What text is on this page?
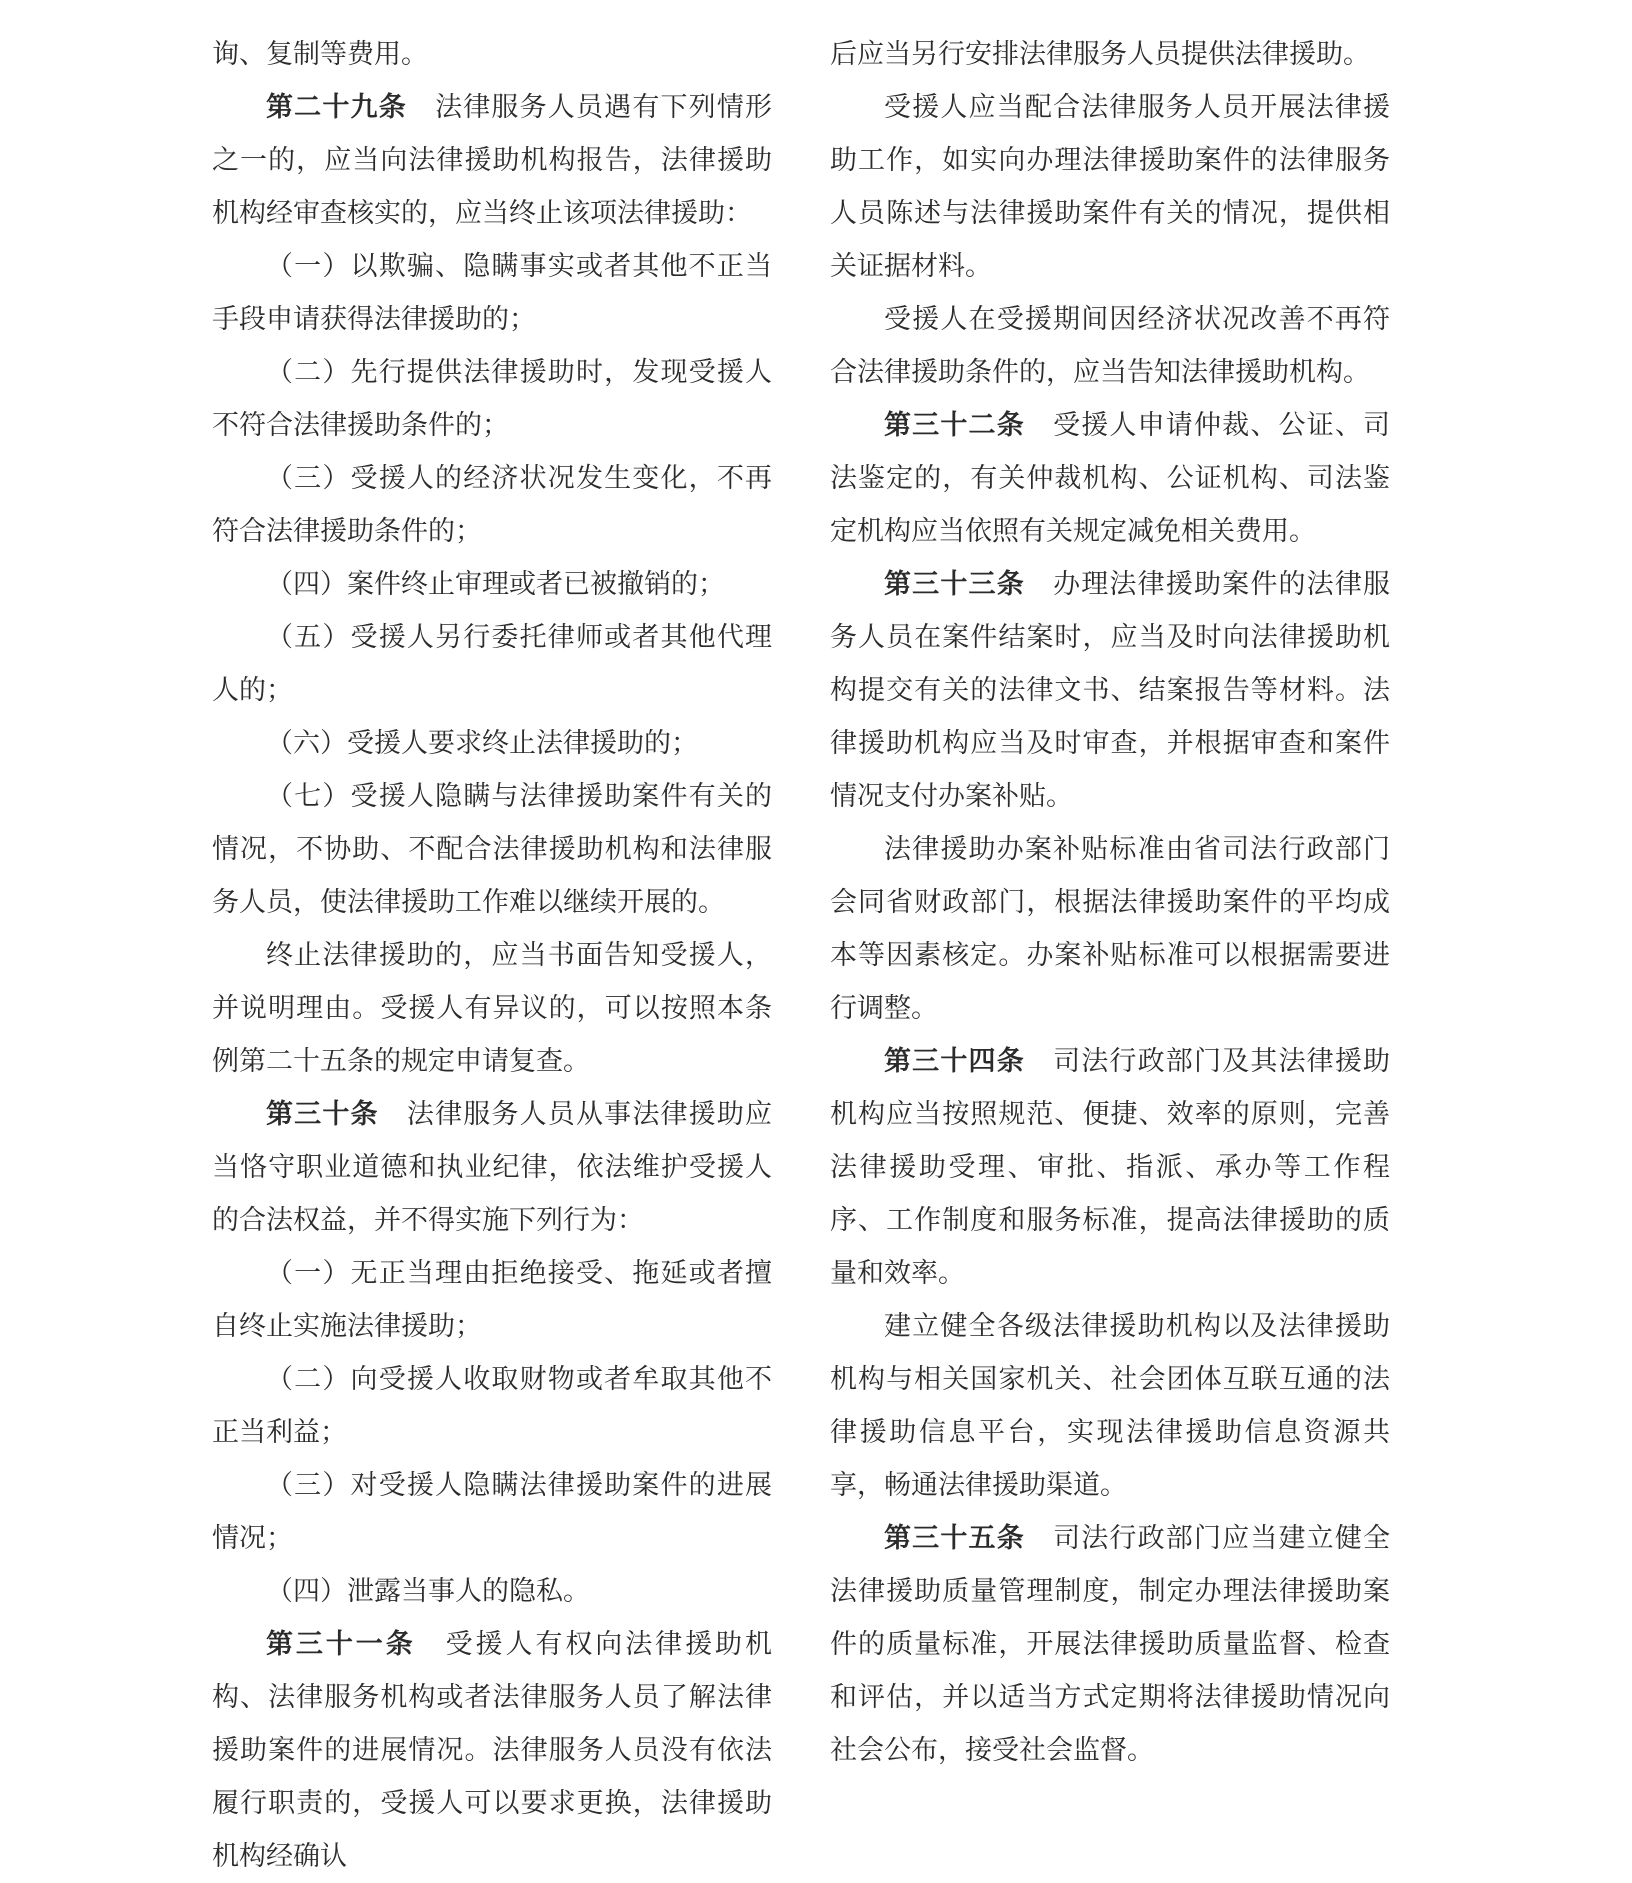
询、复制等费用。

第二十九条　 法律服务人员遇有下列情形之一的，应当向法律援助机构报告，法律援助机构经审查核实的，应当终止该项法律援助：

（一）以欺骗、隐瞒事实或者其他不正当手段申请获得法律援助的；

（二）先行提供法律援助时，发现受援人不符合法律援助条件的；

（三）受援人的经济状况发生变化，不再符合法律援助条件的；

（四）案件终止审理或者已被撤销的；

（五）受援人另行委托律师或者其他代理人的；

（六）受援人要求终止法律援助的；

（七）受援人隐瞒与法律援助案件有关的情况，不协助、不配合法律援助机构和法律服务人员，使法律援助工作难以继续开展的。

终止法律援助的，应当书面告知受援人，并说明理由。受援人有异议的，可以按照本条例第二十五条的规定申请复查。

第三十条　 法律服务人员从事法律援助应当恪守职业道德和执业纪律，依法维护受援人的合法权益，并不得实施下列行为：

（一）无正当理由拒绝接受、拖延或者擅自终止实施法律援助；

（二）向受援人收取财物或者牟取其他不正当利益；

（三）对受援人隐瞒法律援助案件的进展情况；

（四）泄露当事人的隐私。

第三十一条　 受援人有权向法律援助机构、法律服务机构或者法律服务人员了解法律援助案件的进展情况。法律服务人员没有依法履行职责的，受援人可以要求更换，法律援助机构经确认

后应当另行安排法律服务人员提供法律援助。

受援人应当配合法律服务人员开展法律援助工作，如实向办理法律援助案件的法律服务人员陈述与法律援助案件有关的情况，提供相关证据材料。

受援人在受援期间因经济状况改善不再符合法律援助条件的，应当告知法律援助机构。

第三十二条　 受援人申请仲裁、公证、司法鉴定的，有关仲裁机构、公证机构、司法鉴定机构应当依照有关规定减免相关费用。

第三十三条　 办理法律援助案件的法律服务人员在案件结案时，应当及时向法律援助机构提交有关的法律文书、结案报告等材料。法律援助机构应当及时审查，并根据审查和案件情况支付办案补贴。

法律援助办案补贴标准由省司法行政部门会同省财政部门，根据法律援助案件的平均成本等因素核定。办案补贴标准可以根据需要进行调整。

第三十四条　 司法行政部门及其法律援助机构应当按照规范、便捷、效率的原则，完善法律援助受理、审批、指派、承办等工作程序、工作制度和服务标准，提高法律援助的质量和效率。

建立健全各级法律援助机构以及法律援助机构与相关国家机关、社会团体互联互通的法律援助信息平台，实现法律援助信息资源共享，畅通法律援助渠道。

第三十五条　 司法行政部门应当建立健全法律援助质量管理制度，制定办理法律援助案件的质量标准，开展法律援助质量监督、检查和评估，并以适当方式定期将法律援助情况向社会公布，接受社会监督。
